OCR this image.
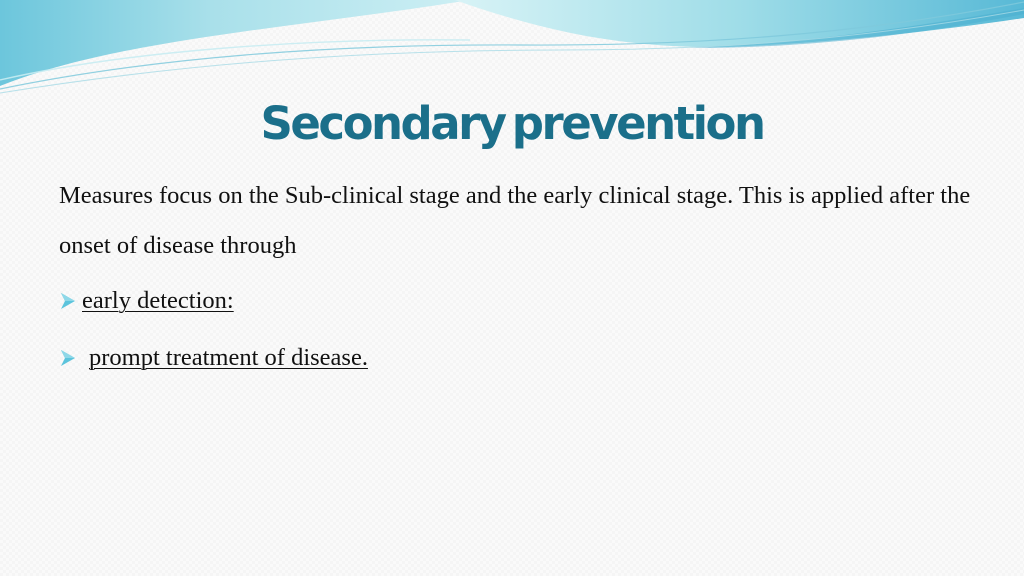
Secondary prevention

Measures focus on the Sub-clinical stage and the early clinical stage. This is applied after the onset of disease through

early detection:
prompt treatment of disease.
